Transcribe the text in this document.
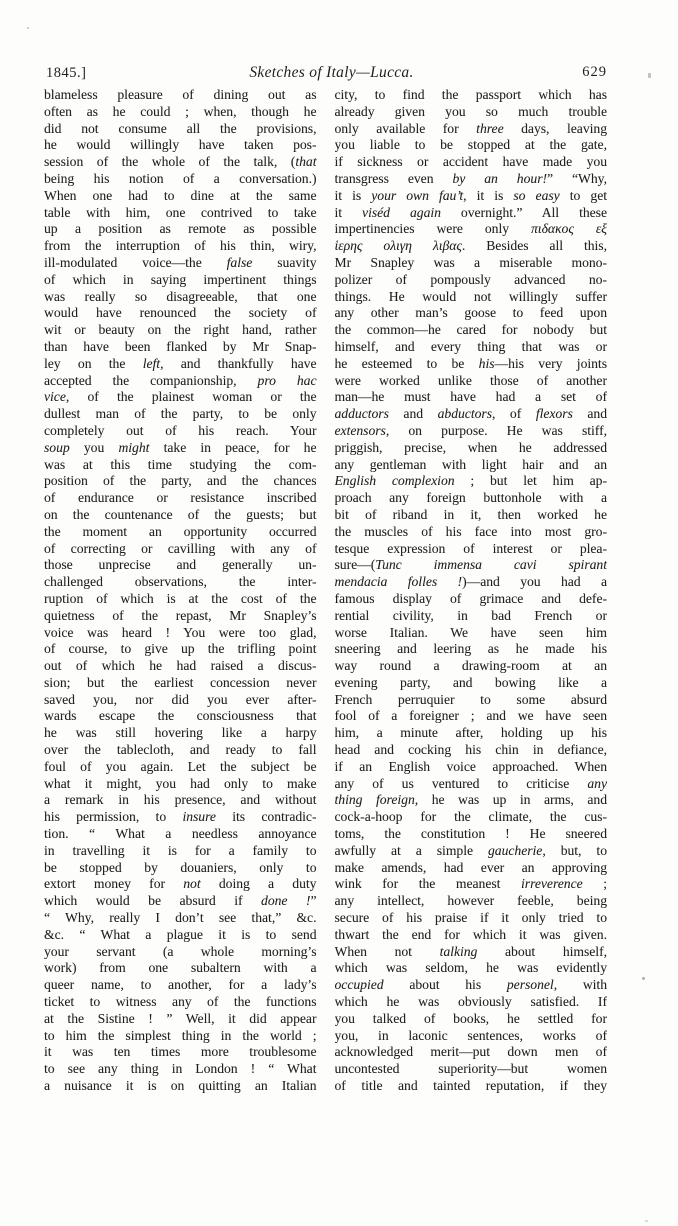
1845.]	Sketches of Italy—Lucca.	629
blameless pleasure of dining out as
often as he could ; when, though he
did not consume all the provisions,
he would willingly have taken pos-
session of the whole of the talk, (that
being his notion of a conversation.)
When one had to dine at the same
table with him, one contrived to take
up a position as remote as possible
from the interruption of his thin, wiry,
ill-modulated voice—the false suavity
of which in saying impertinent things
was really so disagreeable, that one
would have renounced the society of
wit or beauty on the right hand, rather
than have been flanked by Mr Snap-
ley on the left, and thankfully have
accepted the companionship, pro hac
vice, of the plainest woman or the
dullest man of the party, to be only
completely out of his reach. Your
soup you might take in peace, for he
was at this time studying the com-
position of the party, and the chances
of endurance or resistance inscribed
on the countenance of the guests; but
the moment an opportunity occurred
of correcting or cavilling with any of
those unprecise and generally un-
challenged observations, the inter-
ruption of which is at the cost of the
quietness of the repast, Mr Snapley’s
voice was heard ! You were too glad,
of course, to give up the trifling point
out of which he had raised a discus-
sion; but the earliest concession never
saved you, nor did you ever after-
wards escape the consciousness that
he was still hovering like a harpy
over the tablecloth, and ready to fall
foul of you again. Let the subject be
what it might, you had only to make
a remark in his presence, and without
his permission, to insure its contradic-
tion. “ What a needless annoyance
in travelling it is for a family to
be stopped by douaniers, only to
extort money for not doing a duty
which would be absurd if done !”
“ Why, really I don’t see that,” &c.
&c. “ What a plague it is to send
your servant (a whole morning’s
work) from one subaltern with a
queer name, to another, for a lady’s
ticket to witness any of the functions
at the Sistine ! ” Well, it did appear
to him the simplest thing in the world ;
it was ten times more troublesome
to see any thing in London ! “ What
a nuisance it is on quitting an Italian
city, to find the passport which has
already given you so much trouble
only available for three days, leaving
you liable to be stopped at the gate,
if sickness or accident have made you
transgress even by an hour!” “Why,
it is your own fau’t, it is so easy to get
it viséd again overnight.” All these
impertinencies were only πιδακος εξ
ἱερης ολιγη λιβας. Besides all this,
Mr Snapley was a miserable mono-
polizer of pompously advanced no-
things. He would not willingly suffer
any other man’s goose to feed upon
the common—he cared for nobody but
himself, and every thing that was or
he esteemed to be his—his very joints
were worked unlike those of another
man—he must have had a set of
adductors and abductors, of flexors and
extensors, on purpose. He was stiff,
priggish, precise, when he addressed
any gentleman with light hair and an
English complexion ; but let him ap-
proach any foreign buttonhole with a
bit of riband in it, then worked he
the muscles of his face into most gro-
tesque expression of interest or plea-
sure—(Tunc immensa cavi spirant
mendacia folles !)—and you had a
famous display of grimace and defe-
rential civility, in bad French or
worse Italian. We have seen him
sneering and leering as he made his
way round a drawing-room at an
evening party, and bowing like a
French perruquier to some absurd
fool of a foreigner ; and we have seen
him, a minute after, holding up his
head and cocking his chin in defiance,
if an English voice approached. When
any of us ventured to criticise any
thing foreign, he was up in arms, and
cock-a-hoop for the climate, the cus-
toms, the constitution ! He sneered
awfully at a simple gaucherie, but, to
make amends, had ever an approving
wink for the meanest irreverence ;
any intellect, however feeble, being
secure of his praise if it only tried to
thwart the end for which it was given.
When not talking about himself,
which was seldom, he was evidently
occupied about his personel, with
which he was obviously satisfied. If
you talked of books, he settled for
you, in laconic sentences, works of
acknowledged merit—put down men of
uncontested superiority—but women
of title and tainted reputation, if they
